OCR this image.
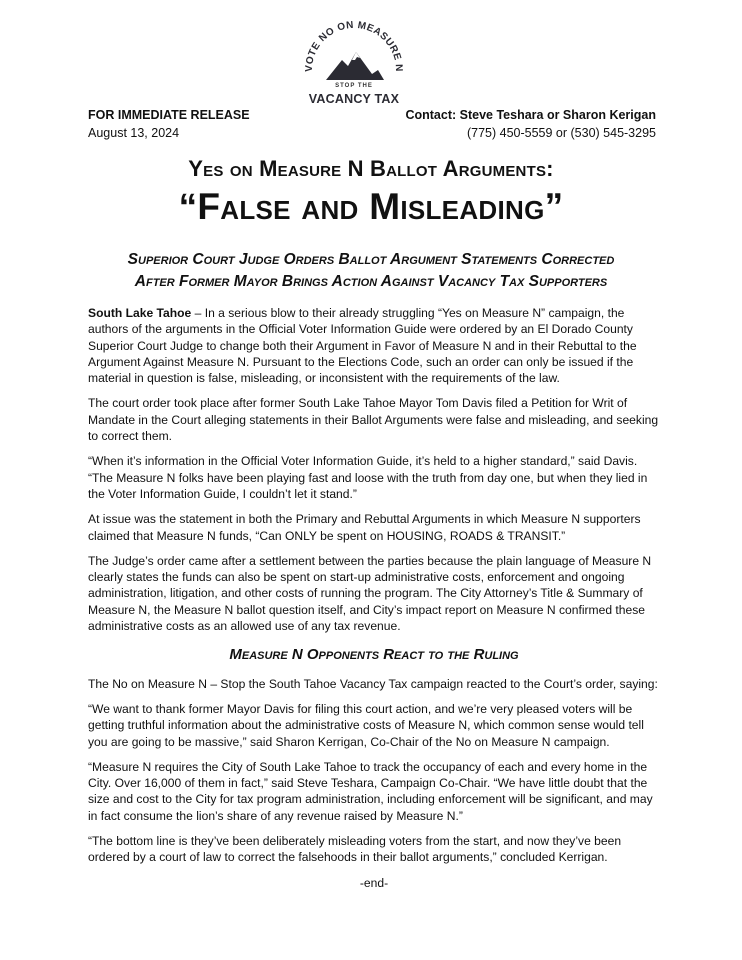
VOTE NO ON MEASURE N
STOP THE
VACANCY TAX
FOR IMMEDIATE RELEASE
August 13, 2024
Contact: Steve Teshara or Sharon Kerigan
(775) 450-5559 or (530) 545-3295
Yes on Measure N Ballot Arguments:
“False and Misleading”
Superior Court Judge Orders Ballot Argument Statements Corrected
After Former Mayor Brings Action Against Vacancy Tax Supporters

South Lake Tahoe – In a serious blow to their already struggling “Yes on Measure N” campaign, the authors of the arguments in the Official Voter Information Guide were ordered by an El Dorado County Superior Court Judge to change both their Argument in Favor of Measure N and in their Rebuttal to the Argument Against Measure N. Pursuant to the Elections Code, such an order can only be issued if the material in question is false, misleading, or inconsistent with the requirements of the law.

The court order took place after former South Lake Tahoe Mayor Tom Davis filed a Petition for Writ of Mandate in the Court alleging statements in their Ballot Arguments were false and misleading, and seeking to correct them.

“When it’s information in the Official Voter Information Guide, it’s held to a higher standard,” said Davis. “The Measure N folks have been playing fast and loose with the truth from day one, but when they lied in the Voter Information Guide, I couldn’t let it stand.”

At issue was the statement in both the Primary and Rebuttal Arguments in which Measure N supporters claimed that Measure N funds, “Can ONLY be spent on HOUSING, ROADS & TRANSIT.”

The Judge’s order came after a settlement between the parties because the plain language of Measure N clearly states the funds can also be spent on start-up administrative costs, enforcement and ongoing administration, litigation, and other costs of running the program. The City Attorney’s Title & Summary of Measure N, the Measure N ballot question itself, and City’s impact report on Measure N confirmed these administrative costs as an allowed use of any tax revenue.

Measure N Opponents React to the Ruling

The No on Measure N – Stop the South Tahoe Vacancy Tax campaign reacted to the Court’s order, saying:

“We want to thank former Mayor Davis for filing this court action, and we’re very pleased voters will be getting truthful information about the administrative costs of Measure N, which common sense would tell you are going to be massive,” said Sharon Kerrigan, Co-Chair of the No on Measure N campaign.

“Measure N requires the City of South Lake Tahoe to track the occupancy of each and every home in the City. Over 16,000 of them in fact,” said Steve Teshara, Campaign Co-Chair. “We have little doubt that the size and cost to the City for tax program administration, including enforcement will be significant, and may in fact consume the lion’s share of any revenue raised by Measure N.”

“The bottom line is they’ve been deliberately misleading voters from the start, and now they’ve been ordered by a court of law to correct the falsehoods in their ballot arguments,” concluded Kerrigan.

-end-
